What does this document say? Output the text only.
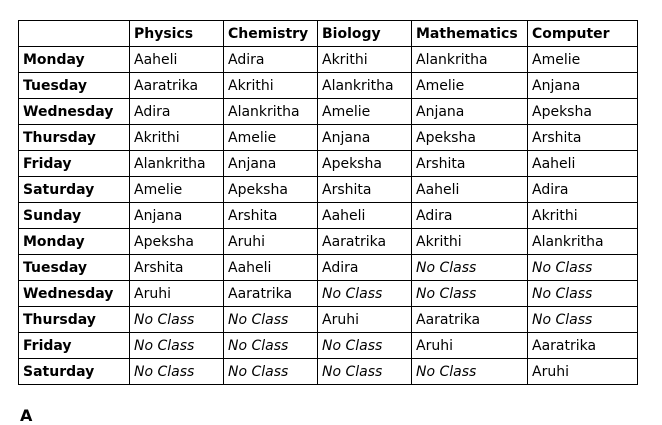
	Physics	Chemistry	Biology	Mathematics	Computer
Monday	Aaheli	Adira	Akrithi	Alankritha	Amelie
Tuesday	Aaratrika	Akrithi	Alankritha	Amelie	Anjana
Wednesday	Adira	Alankritha	Amelie	Anjana	Apeksha
Thursday	Akrithi	Amelie	Anjana	Apeksha	Arshita
Friday	Alankritha	Anjana	Apeksha	Arshita	Aaheli
Saturday	Amelie	Apeksha	Arshita	Aaheli	Adira
Sunday	Anjana	Arshita	Aaheli	Adira	Akrithi
Monday	Apeksha	Aruhi	Aaratrika	Akrithi	Alankritha
Tuesday	Arshita	Aaheli	Adira	No Class	No Class
Wednesday	Aruhi	Aaratrika	No Class	No Class	No Class
Thursday	No Class	No Class	Aruhi	Aaratrika	No Class
Friday	No Class	No Class	No Class	Aruhi	Aaratrika
Saturday	No Class	No Class	No Class	No Class	Aruhi
A
